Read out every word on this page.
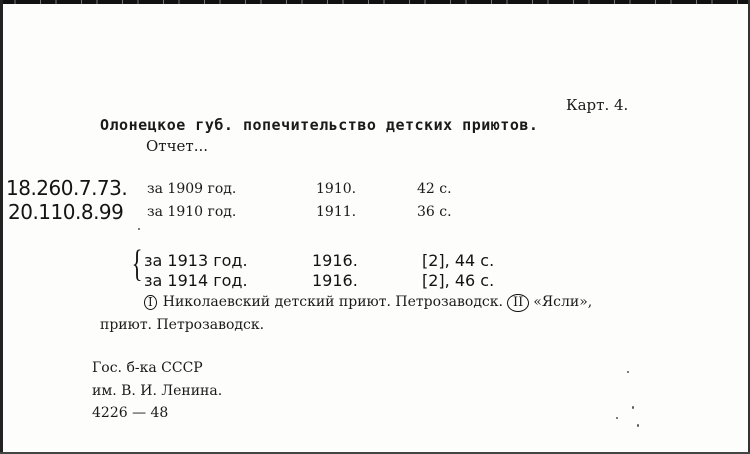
Карт. 4.
Олонецкое губ. попечительство детских приютов.
Отчет...
18.260.7.73. за 1909 год.	1910.	42 с.
20.110.8.99 за 1910 год.	1911.	36 с.
{ за 1913 год.	1916.	[2], 44 с.
за 1914 год.	1916.	[2], 46 с.
I Николаевский детский приют. Петрозаводск. II «Ясли»,
приют. Петрозаводск.
Гос. б-ка СССР
им. В. И. Ленина.
4226 — 48
